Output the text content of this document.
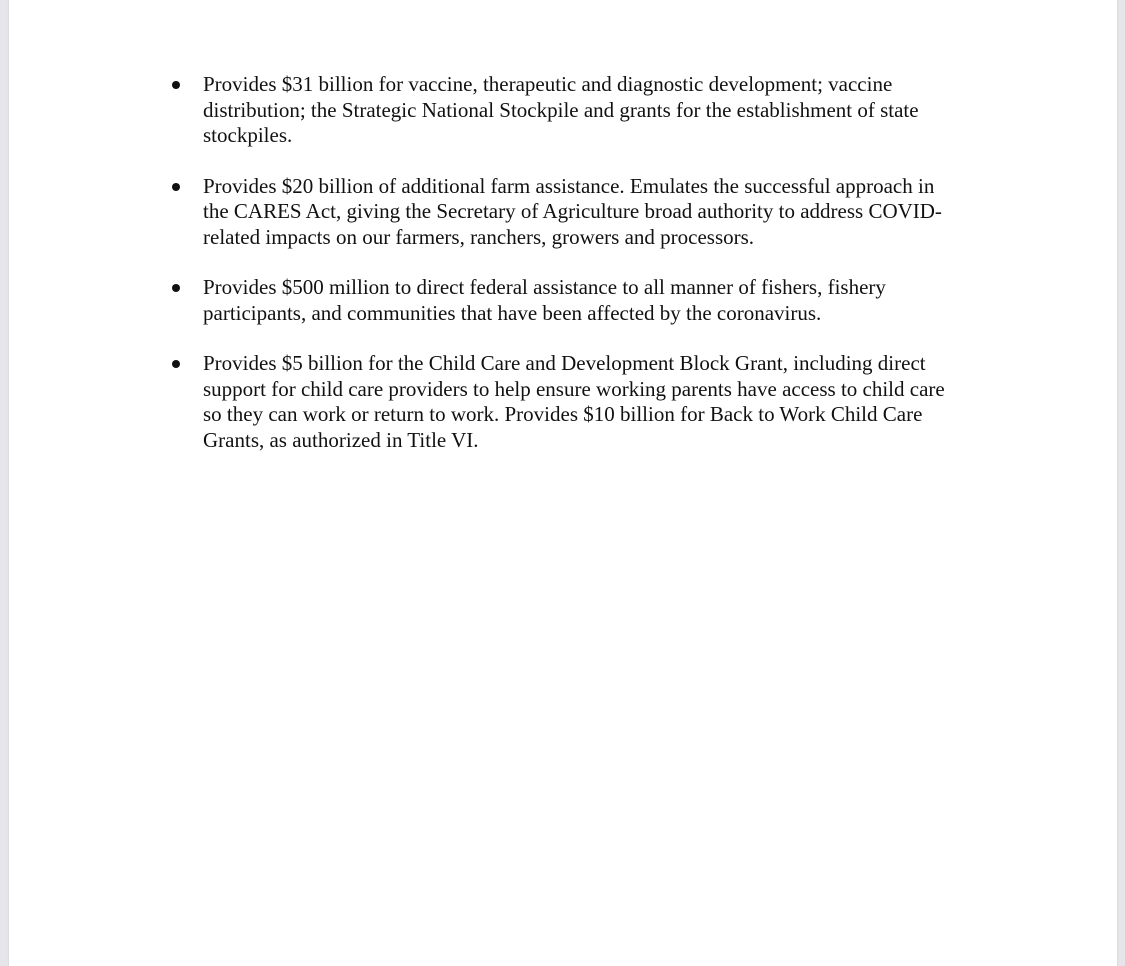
Provides $31 billion for vaccine, therapeutic and diagnostic development; vaccine
distribution; the Strategic National Stockpile and grants for the establishment of state
stockpiles.
Provides $20 billion of additional farm assistance. Emulates the successful approach in
the CARES Act, giving the Secretary of Agriculture broad authority to address COVID-
related impacts on our farmers, ranchers, growers and processors.
Provides $500 million to direct federal assistance to all manner of fishers, fishery
participants, and communities that have been affected by the coronavirus.
Provides $5 billion for the Child Care and Development Block Grant, including direct
support for child care providers to help ensure working parents have access to child care
so they can work or return to work. Provides $10 billion for Back to Work Child Care
Grants, as authorized in Title VI.
